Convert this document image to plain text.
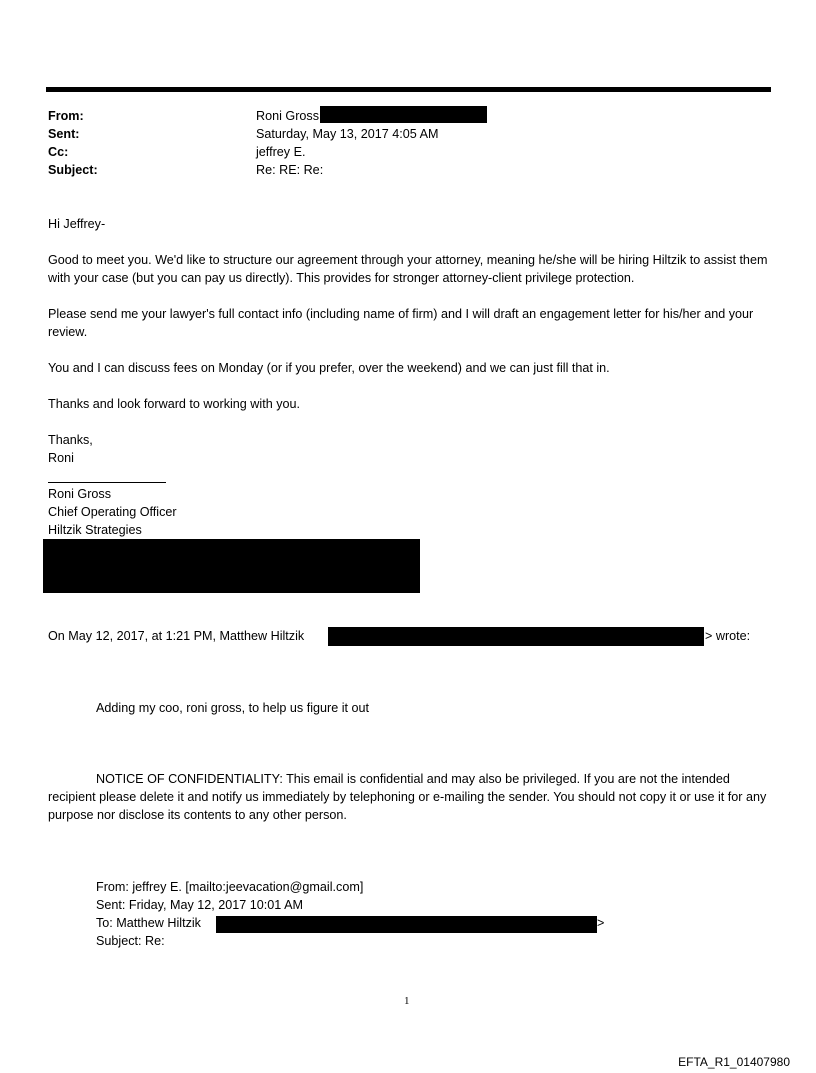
From:	Roni Gross
Sent:	Saturday, May 13, 2017 4:05 AM
Cc:	jeffrey E.
Subject:	Re: RE: Re:
Hi Jeffrey-
Good to meet you. We'd like to structure our agreement through your attorney, meaning he/she will be hiring Hiltzik to assist them with your case (but you can pay us directly). This provides for stronger attorney-client privilege protection.
Please send me your lawyer's full contact info (including name of firm) and I will draft an engagement letter for his/her and your review.
You and I can discuss fees on Monday (or if you prefer, over the weekend) and we can just fill that in.
Thanks and look forward to working with you.
Thanks,
Roni
Roni Gross
Chief Operating Officer
Hiltzik Strategies
On May 12, 2017, at 1:21 PM, Matthew Hiltzik	> wrote:
Adding my coo, roni gross, to help us figure it out
NOTICE OF CONFIDENTIALITY: This email is confidential and may also be privileged. If you are not the intended recipient please delete it and notify us immediately by telephoning or e-mailing the sender. You should not copy it or use it for any purpose nor disclose its contents to any other person.
From: jeffrey E. [mailto:jeevacation@gmail.com]
Sent: Friday, May 12, 2017 10:01 AM
To: Matthew Hiltzik	>
Subject: Re:
1
EFTA_R1_01407980
